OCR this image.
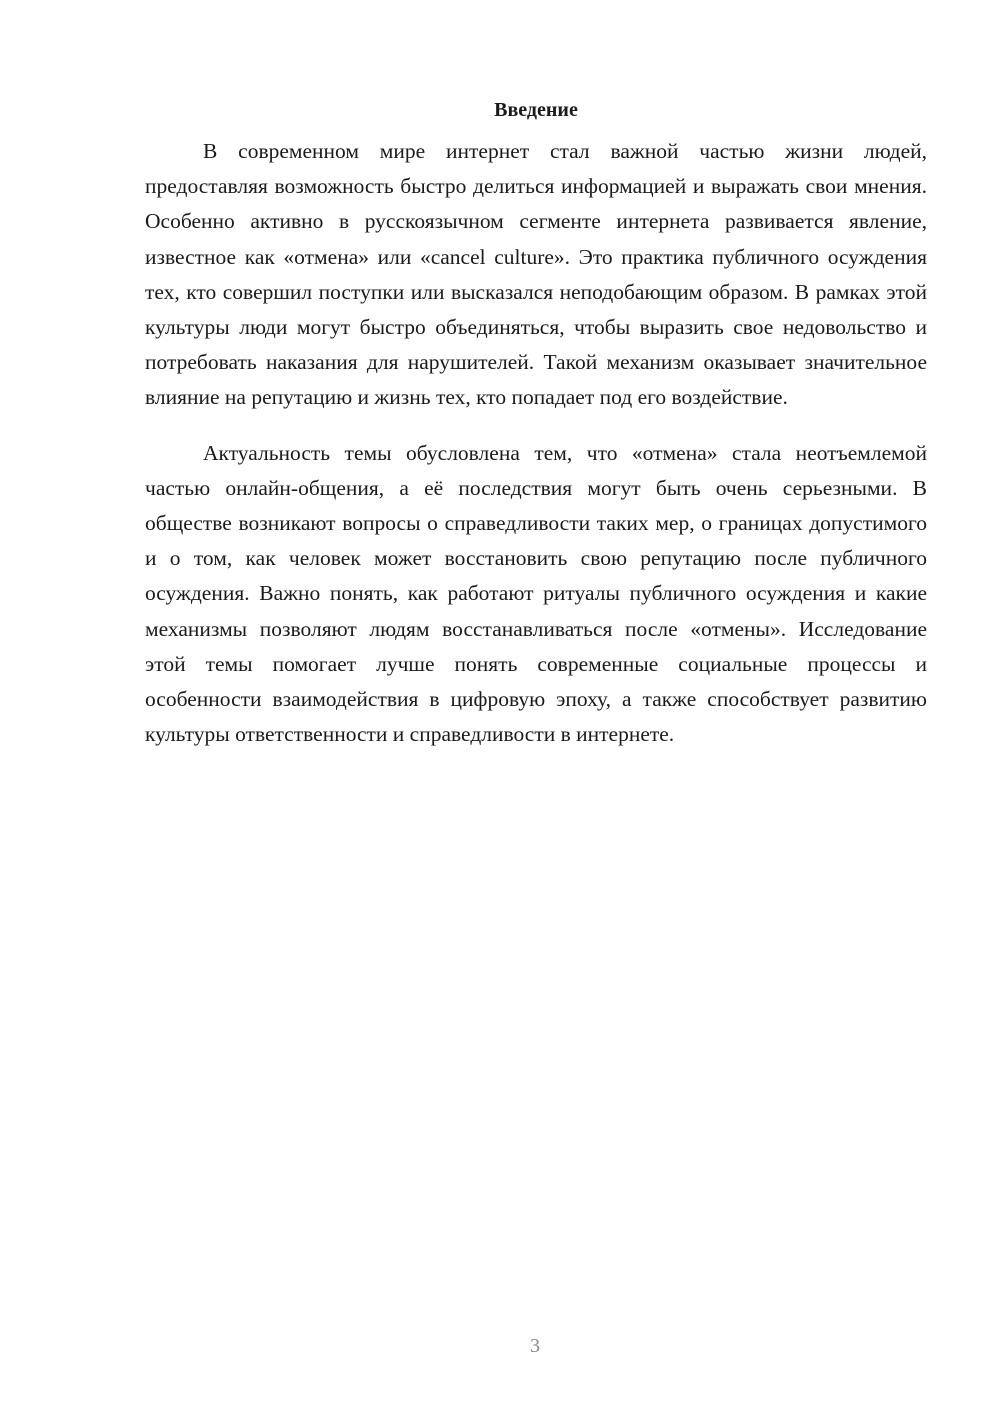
Введение

В современном мире интернет стал важной частью жизни людей, предоставляя возможность быстро делиться информацией и выражать свои мнения. Особенно активно в русскоязычном сегменте интернета развивается явление, известное как «отмена» или «cancel culture». Это практика публичного осуждения тех, кто совершил поступки или высказался неподобающим образом. В рамках этой культуры люди могут быстро объединяться, чтобы выразить свое недовольство и потребовать наказания для нарушителей. Такой механизм оказывает значительное влияние на репутацию и жизнь тех, кто попадает под его воздействие.

Актуальность темы обусловлена тем, что «отмена» стала неотъемлемой частью онлайн-общения, а её последствия могут быть очень серьезными. В обществе возникают вопросы о справедливости таких мер, о границах допустимого и о том, как человек может восстановить свою репутацию после публичного осуждения. Важно понять, как работают ритуалы публичного осуждения и какие механизмы позволяют людям восстанавливаться после «отмены». Исследование этой темы помогает лучше понять современные социальные процессы и особенности взаимодействия в цифровую эпоху, а также способствует развитию культуры ответственности и справедливости в интернете.

3
